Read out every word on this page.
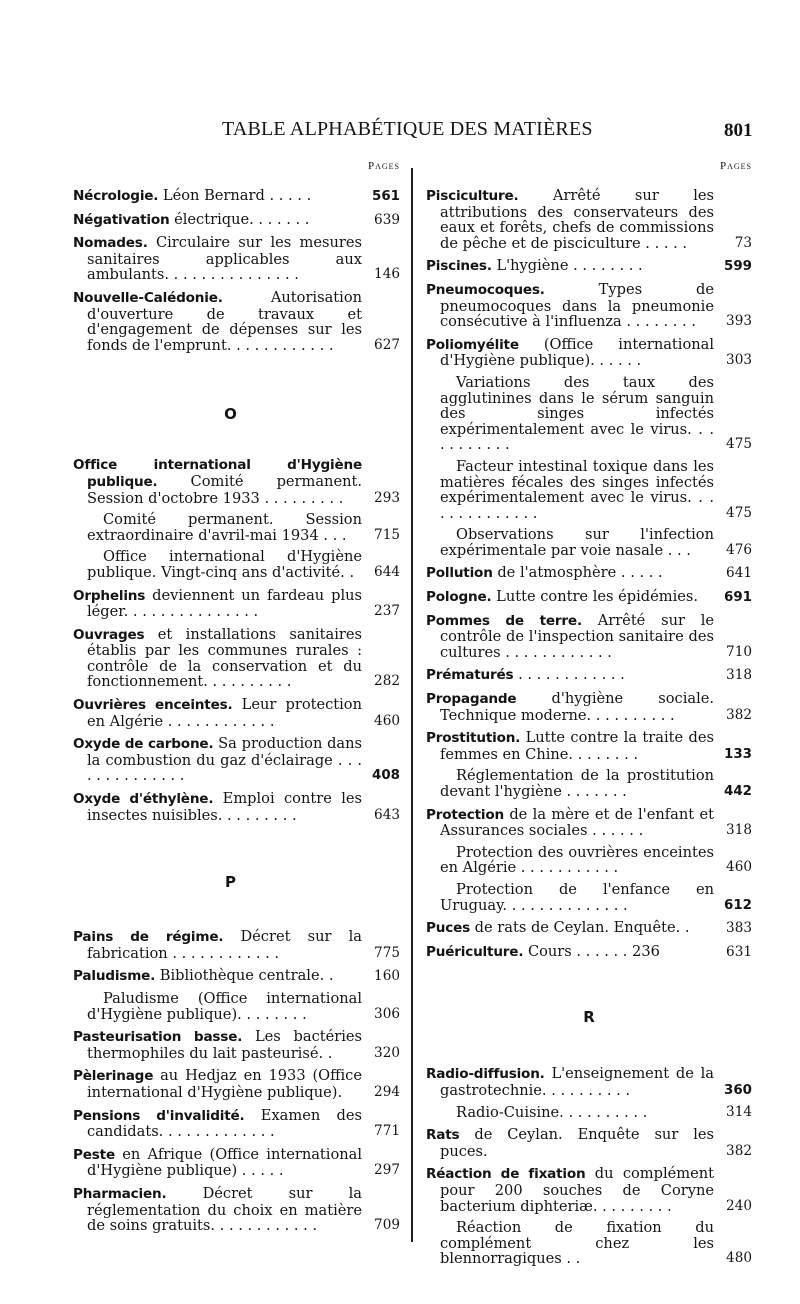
TABLE ALPHABÉTIQUE DES MATIÈRES	801
Pages
Nécrologie. Léon Bernard . . . . .	561
Négativation électrique. . . . . . .	639
Nomades. Circulaire sur les mesures sanitaires applicables aux ambulants. . . . . . . . . . . . . . .	146
Nouvelle-Calédonie.	Autorisation d'ouverture de travaux et d'engagement de dépenses sur les fonds de l'emprunt. . . . . . . . . . . .	627
O
Office international d'Hygiène publique. Comité permanent. Session d'octobre 1933 . . . . . . . . .	293
Comité permanent. Session extraordinaire d'avril-mai 1934 . . .	715
Office international d'Hygiène publique. Vingt-cinq ans d'activité. .	644
Orphelins deviennent un fardeau plus léger. . . . . . . . . . . . . . .	237
Ouvrages et installations sanitaires établis par les communes rurales : contrôle de la conservation et du fonctionnement. . . . . . . . . .	282
Ouvrières enceintes. Leur protection en Algérie . . . . . . . . . . . .	460
Oxyde de carbone. Sa production dans la combustion du gaz d'éclairage . . . . . . . . . . . . . .	408
Oxyde d'éthylène. Emploi contre les insectes nuisibles. . . . . . . . .	643
P
Pains de régime. Décret sur la fabrication . . . . . . . . . . . .	775
Paludisme. Bibliothèque centrale. .	160
Paludisme (Office international d'Hygiène publique). . . . . . . .	306
Pasteurisation basse. Les bactéries thermophiles du lait pasteurisé. .	320
Pèlerinage au Hedjaz en 1933 (Office international d'Hygiène publique).	294
Pensions d'invalidité. Examen des candidats. . . . . . . . . . . . .	771
Peste en Afrique (Office international d'Hygiène publique) . . . . .	297
Pharmacien. Décret sur la réglementation du choix en matière de soins gratuits. . . . . . . . . . . .	709
Pages
Pisciculture. Arrêté sur les attributions des conservateurs des eaux et forêts, chefs de commissions de pêche et de pisciculture . . . . .	73
Piscines. L'hygiène . . . . . . . .	599
Pneumocoques.	Types de pneumocoques dans la pneumonie consécutive à l'influenza . . . . . . . .	393
Poliomyélite (Office international d'Hygiène publique). . . . . .	303
Variations des taux des agglutinines dans le sérum sanguin des singes infectés expérimentalement avec le virus. . . . . . . . . . .	475
Facteur intestinal toxique dans les matières fécales des singes infectés expérimentalement avec le virus. . . . . . . . . . . . . .	475
Observations sur l'infection expérimentale par voie nasale . . .	476
Pollution de l'atmosphère . . . . .	641
Pologne. Lutte contre les épidémies.	691
Pommes de terre. Arrêté sur le contrôle de l'inspection sanitaire des cultures . . . . . . . . . . . .	710
Prématurés . . . . . . . . . . . .	318
Propagande d'hygiène sociale. Technique moderne. . . . . . . . . .	382
Prostitution. Lutte contre la traite des femmes en Chine. . . . . . . .	133
Réglementation de la prostitution devant l'hygiène . . . . . . .	442
Protection de la mère et de l'enfant et Assurances sociales . . . . . .	318
Protection des ouvrières enceintes en Algérie . . . . . . . . . . .	460
Protection de l'enfance en Uruguay. . . . . . . . . . . . . .	612
Puces de rats de Ceylan. Enquête. .	383
Puériculture. Cours . . . . . . 236	631
R
Radio-diffusion. L'enseignement de la gastrotechnie. . . . . . . . . .	360
Radio-Cuisine. . . . . . . . . .	314
Rats de Ceylan. Enquête sur les puces.	382
Réaction de fixation du complément pour 200 souches de Coryne bacterium diphteriæ. . . . . . . . .	240
Réaction de fixation du complément chez les blennorragiques . .	480
